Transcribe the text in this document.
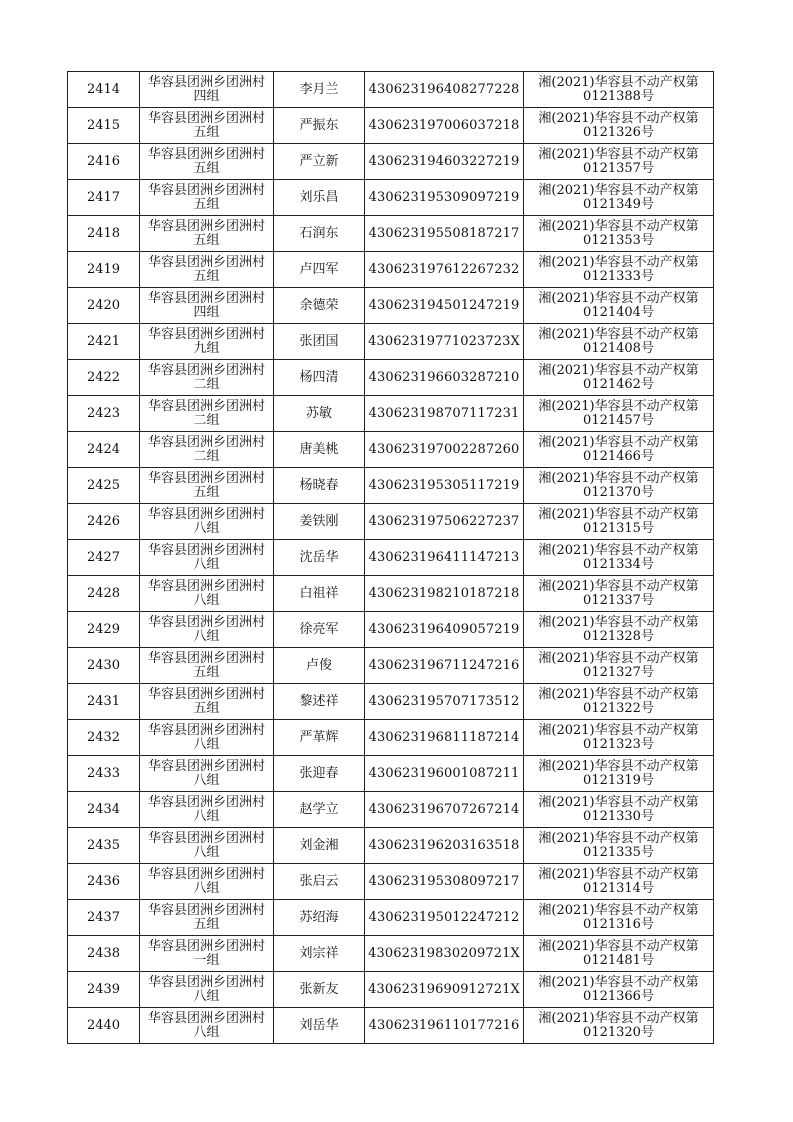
2414	华容县团洲乡团洲村四组	李月兰	430623196408277228	湘(2021)华容县不动产权第0121388号
2415	华容县团洲乡团洲村五组	严振东	430623197006037218	湘(2021)华容县不动产权第0121326号
2416	华容县团洲乡团洲村五组	严立新	430623194603227219	湘(2021)华容县不动产权第0121357号
2417	华容县团洲乡团洲村五组	刘乐昌	430623195309097219	湘(2021)华容县不动产权第0121349号
2418	华容县团洲乡团洲村五组	石润东	430623195508187217	湘(2021)华容县不动产权第0121353号
2419	华容县团洲乡团洲村五组	卢四军	430623197612267232	湘(2021)华容县不动产权第0121333号
2420	华容县团洲乡团洲村四组	余德荣	430623194501247219	湘(2021)华容县不动产权第0121404号
2421	华容县团洲乡团洲村九组	张团国	43062319771023723X	湘(2021)华容县不动产权第0121408号
2422	华容县团洲乡团洲村二组	杨四清	430623196603287210	湘(2021)华容县不动产权第0121462号
2423	华容县团洲乡团洲村二组	苏敏	430623198707117231	湘(2021)华容县不动产权第0121457号
2424	华容县团洲乡团洲村二组	唐美桃	430623197002287260	湘(2021)华容县不动产权第0121466号
2425	华容县团洲乡团洲村五组	杨晓春	430623195305117219	湘(2021)华容县不动产权第0121370号
2426	华容县团洲乡团洲村八组	姜铁刚	430623197506227237	湘(2021)华容县不动产权第0121315号
2427	华容县团洲乡团洲村八组	沈岳华	430623196411147213	湘(2021)华容县不动产权第0121334号
2428	华容县团洲乡团洲村八组	白祖祥	430623198210187218	湘(2021)华容县不动产权第0121337号
2429	华容县团洲乡团洲村八组	徐亮军	430623196409057219	湘(2021)华容县不动产权第0121328号
2430	华容县团洲乡团洲村五组	卢俊	430623196711247216	湘(2021)华容县不动产权第0121327号
2431	华容县团洲乡团洲村五组	黎述祥	430623195707173512	湘(2021)华容县不动产权第0121322号
2432	华容县团洲乡团洲村八组	严革辉	430623196811187214	湘(2021)华容县不动产权第0121323号
2433	华容县团洲乡团洲村八组	张迎春	430623196001087211	湘(2021)华容县不动产权第0121319号
2434	华容县团洲乡团洲村八组	赵学立	430623196707267214	湘(2021)华容县不动产权第0121330号
2435	华容县团洲乡团洲村八组	刘金湘	430623196203163518	湘(2021)华容县不动产权第0121335号
2436	华容县团洲乡团洲村八组	张启云	430623195308097217	湘(2021)华容县不动产权第0121314号
2437	华容县团洲乡团洲村五组	苏绍海	430623195012247212	湘(2021)华容县不动产权第0121316号
2438	华容县团洲乡团洲村一组	刘宗祥	43062319830209721X	湘(2021)华容县不动产权第0121481号
2439	华容县团洲乡团洲村八组	张新友	43062319690912721X	湘(2021)华容县不动产权第0121366号
2440	华容县团洲乡团洲村八组	刘岳华	430623196110177216	湘(2021)华容县不动产权第0121320号
